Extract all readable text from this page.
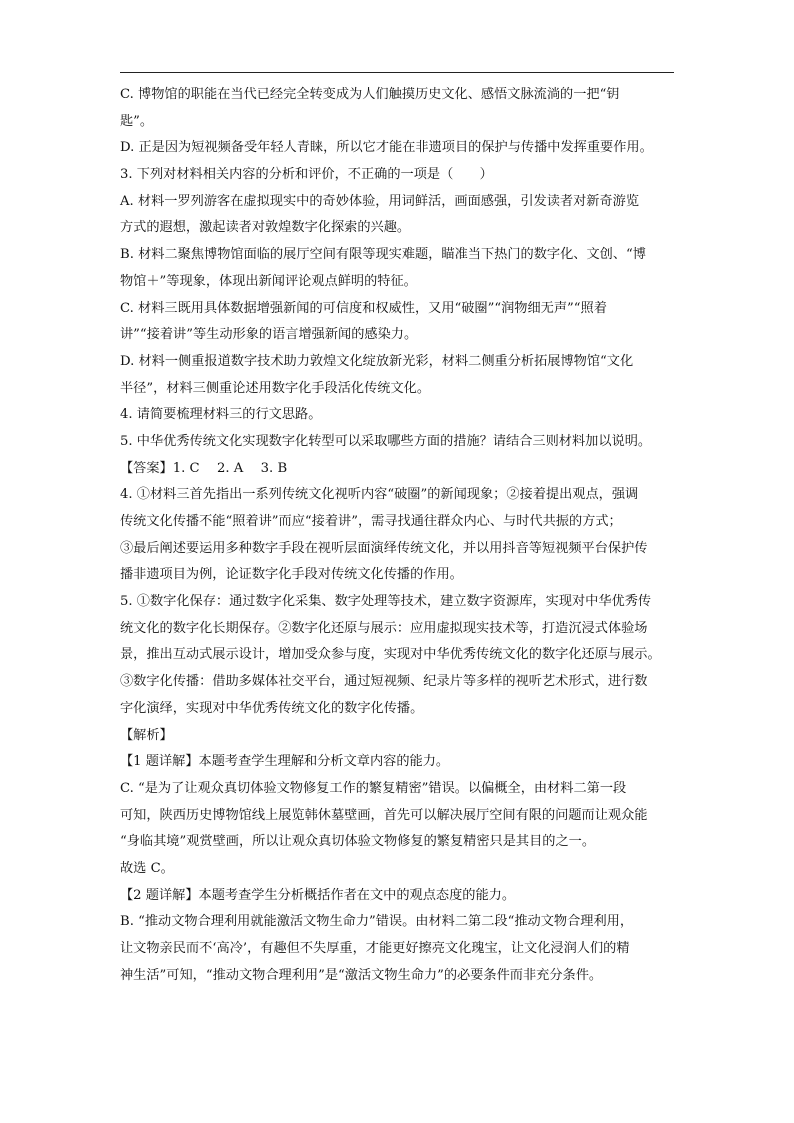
C. 博物馆的职能在当代已经完全转变成为人们触摸历史文化、感悟文脉流淌的一把“钥
匙”。
D. 正是因为短视频备受年轻人青睐，所以它才能在非遗项目的保护与传播中发挥重要作用。
3. 下列对材料相关内容的分析和评价，不正确的一项是（　　）
A. 材料一罗列游客在虚拟现实中的奇妙体验，用词鲜活，画面感强，引发读者对新奇游览
方式的遐想，激起读者对敦煌数字化探索的兴趣。
B. 材料二聚焦博物馆面临的展厅空间有限等现实难题，瞄准当下热门的数字化、文创、“博
物馆＋”等现象，体现出新闻评论观点鲜明的特征。
C. 材料三既用具体数据增强新闻的可信度和权威性，又用“破圈”“润物细无声”“照着
讲”“接着讲”等生动形象的语言增强新闻的感染力。
D. 材料一侧重报道数字技术助力敦煌文化绽放新光彩，材料二侧重分析拓展博物馆“文化
半径”，材料三侧重论述用数字化手段活化传统文化。
4. 请简要梳理材料三的行文思路。
5. 中华优秀传统文化实现数字化转型可以采取哪些方面的措施？请结合三则材料加以说明。
【答案】1. C　 2. A　 3. B
4. ①材料三首先指出一系列传统文化视听内容“破圈”的新闻现象；②接着提出观点，强调
传统文化传播不能“照着讲”而应“接着讲”，需寻找通往群众内心、与时代共振的方式；
③最后阐述要运用多种数字手段在视听层面演绎传统文化，并以用抖音等短视频平台保护传
播非遗项目为例，论证数字化手段对传统文化传播的作用。
5. ①数字化保存：通过数字化采集、数字处理等技术，建立数字资源库，实现对中华优秀传
统文化的数字化长期保存。②数字化还原与展示：应用虚拟现实技术等，打造沉浸式体验场
景，推出互动式展示设计，增加受众参与度，实现对中华优秀传统文化的数字化还原与展示。
③数字化传播：借助多媒体社交平台，通过短视频、纪录片等多样的视听艺术形式，进行数
字化演绎，实现对中华优秀传统文化的数字化传播。
【解析】
【1 题详解】本题考查学生理解和分析文章内容的能力。
C. “是为了让观众真切体验文物修复工作的繁复精密”错误。以偏概全，由材料二第一段
可知，陕西历史博物馆线上展览韩休墓壁画，首先可以解决展厅空间有限的问题而让观众能
“身临其境”观赏壁画，所以让观众真切体验文物修复的繁复精密只是其目的之一。
故选 C。
【2 题详解】本题考查学生分析概括作者在文中的观点态度的能力。
B. “推动文物合理利用就能激活文物生命力”错误。由材料二第二段“推动文物合理利用，
让文物亲民而不‘高冷’，有趣但不失厚重，才能更好擦亮文化瑰宝，让文化浸润人们的精
神生活”可知，“推动文物合理利用”是“激活文物生命力”的必要条件而非充分条件。
